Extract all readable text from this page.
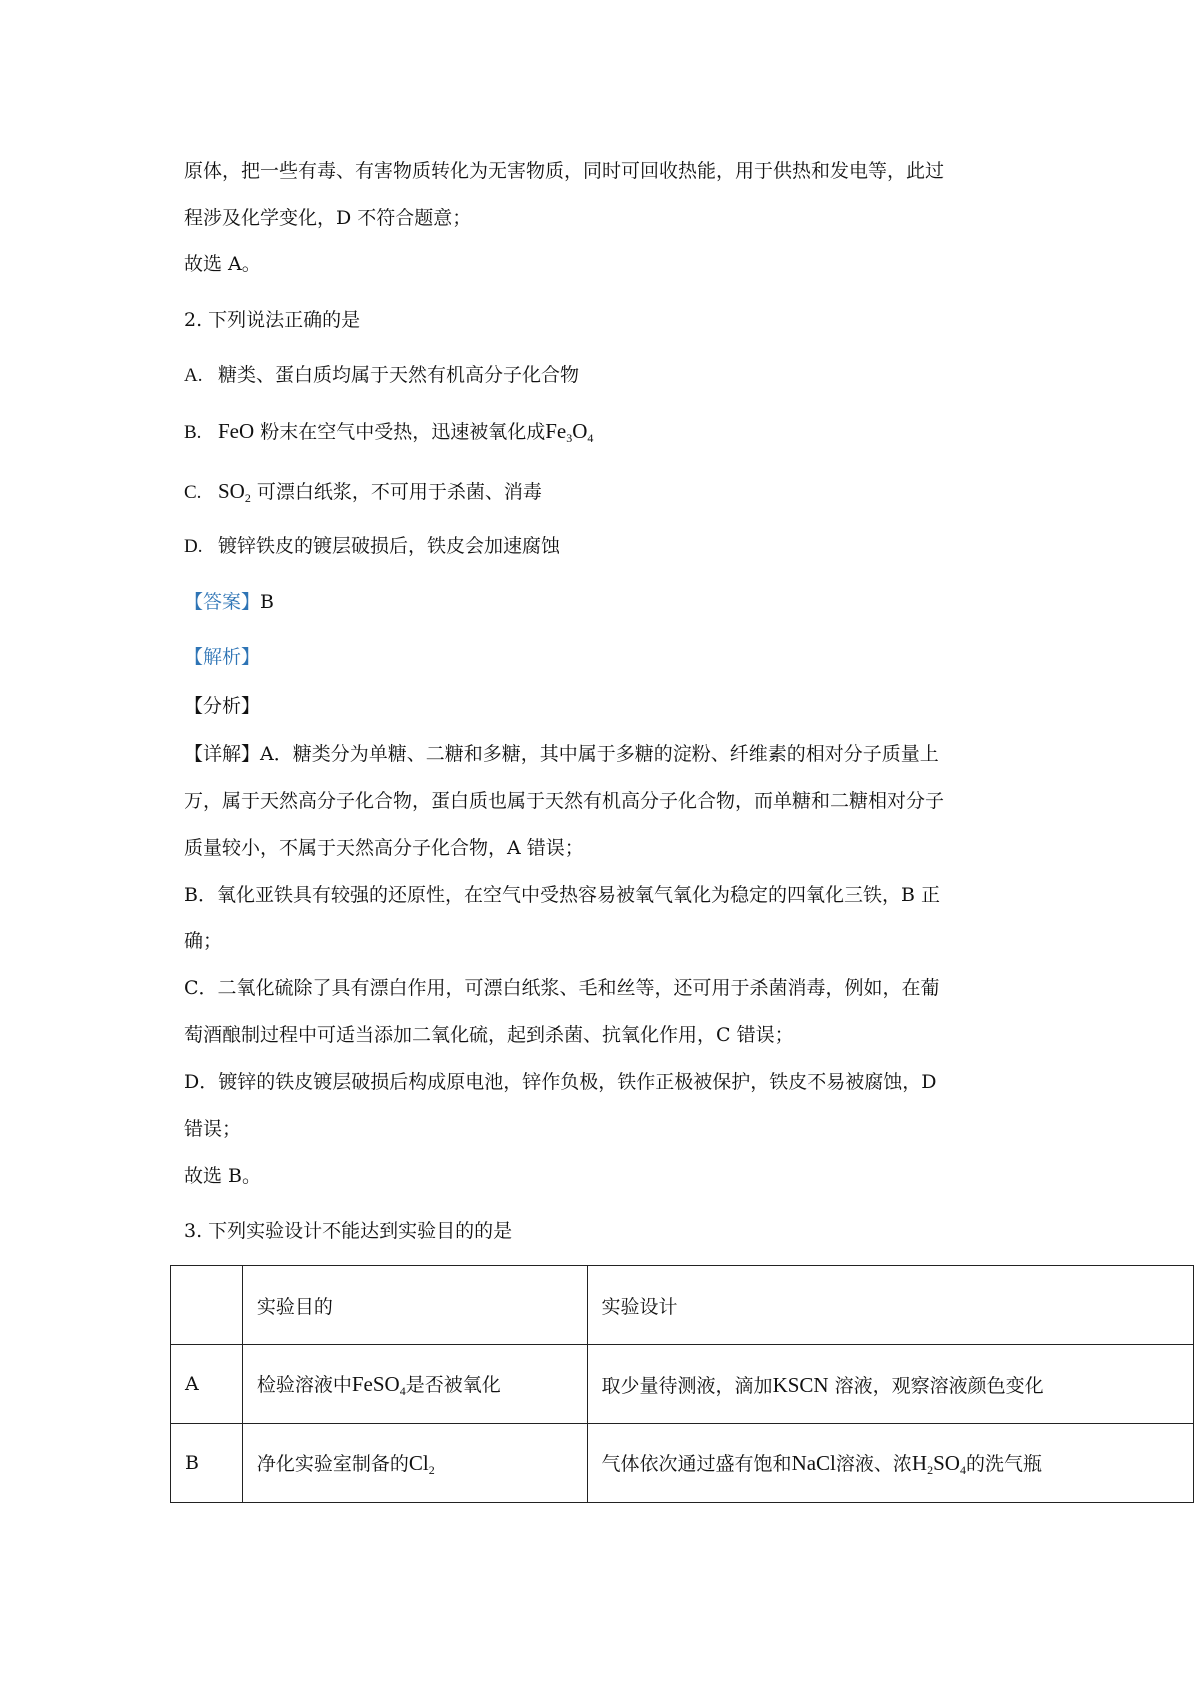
原体，把一些有毒、有害物质转化为无害物质，同时可回收热能，用于供热和发电等，此过
程涉及化学变化，D 不符合题意；
故选 A。
2. 下列说法正确的是
A. 糖类、蛋白质均属于天然有机高分子化合物
B. FeO 粉末在空气中受热，迅速被氧化成$Fe_3O_4$
C. $SO_2$ 可漂白纸浆，不可用于杀菌、消毒
D. 镀锌铁皮的镀层破损后，铁皮会加速腐蚀
【答案】B
【解析】
【分析】
【详解】A．糖类分为单糖、二糖和多糖，其中属于多糖的淀粉、纤维素的相对分子质量上
万，属于天然高分子化合物，蛋白质也属于天然有机高分子化合物，而单糖和二糖相对分子
质量较小，不属于天然高分子化合物，A 错误；
B．氧化亚铁具有较强的还原性，在空气中受热容易被氧气氧化为稳定的四氧化三铁，B 正
确；
C．二氧化硫除了具有漂白作用，可漂白纸浆、毛和丝等，还可用于杀菌消毒，例如，在葡
萄酒酿制过程中可适当添加二氧化硫，起到杀菌、抗氧化作用，C 错误；
D．镀锌的铁皮镀层破损后构成原电池，锌作负极，铁作正极被保护，铁皮不易被腐蚀，D
错误；
故选 B。
3. 下列实验设计不能达到实验目的的是
	实验目的	实验设计
A	检验溶液中FeSO$_4$是否被氧化	取少量待测液，滴加KSCN 溶液，观察溶液颜色变化
B	净化实验室制备的$Cl_2$	气体依次通过盛有饱和NaCl溶液、浓$H_2SO_4$的洗气瓶
